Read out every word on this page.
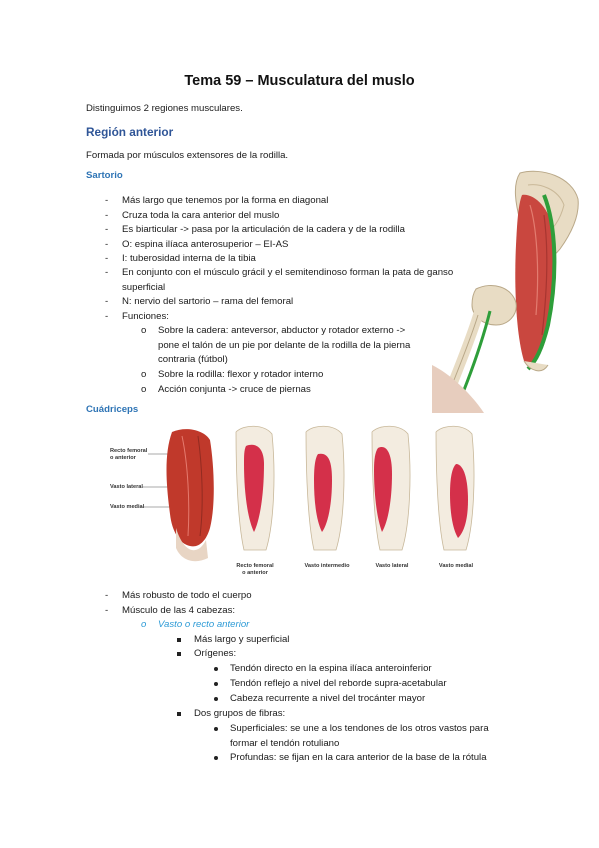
Tema 59 – Musculatura del muslo
Distinguimos 2 regiones musculares.
Región anterior
Formada por músculos extensores de la rodilla.
Sartorio
- Más largo que tenemos por la forma en diagonal
- Cruza toda la cara anterior del muslo
- Es biarticular -> pasa por la articulación de la cadera y de la rodilla
- O: espina ilíaca anterosuperior – EI-AS
- I: tuberosidad interna de la tibia
- En conjunto con el músculo grácil y el semitendinoso forman la pata de ganso
superficial
- N: nervio del sartorio – rama del femoral
- Funciones:
o Sobre la cadera: anteversor, abductor y rotador externo ->
pone el talón de un pie por delante de la rodilla de la pierna
contraria (fútbol)
o Sobre la rodilla: flexor y rotador interno
o Acción conjunta -> cruce de piernas
Cuádriceps
Recto femoral
o anterior
Vasto lateral
Vasto medial
Recto femoral
o anterior
Vasto intermedio	Vasto lateral	Vasto medial
- Más robusto de todo el cuerpo
- Músculo de las 4 cabezas:
o Vasto o recto anterior
Más largo y superficial
Orígenes:
Tendón directo en la espina ilíaca anteroinferior
Tendón reflejo a nivel del reborde supra-acetabular
Cabeza recurrente a nivel del trocánter mayor
Dos grupos de fibras:
Superficiales: se une a los tendones de los otros vastos para
formar el tendón rotuliano
Profundas: se fijan en la cara anterior de la base de la rótula
